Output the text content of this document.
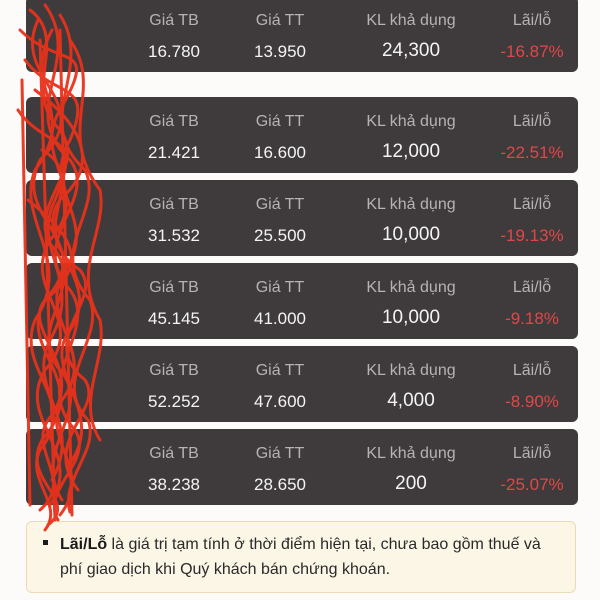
Giá TB
16.780
Giá TT
13.950
KL khả dụng
24,300
Lãi/lỗ
-16.87%
Giá TB
21.421
Giá TT
16.600
KL khả dụng
12,000
Lãi/lỗ
-22.51%
Giá TB
31.532
Giá TT
25.500
KL khả dụng
10,000
Lãi/lỗ
-19.13%
Giá TB
45.145
Giá TT
41.000
KL khả dụng
10,000
Lãi/lỗ
-9.18%
Giá TB
52.252
Giá TT
47.600
KL khả dụng
4,000
Lãi/lỗ
-8.90%
Giá TB
38.238
Giá TT
28.650
KL khả dụng
200
Lãi/lỗ
-25.07%
Lãi/Lỗ là giá trị tạm tính ở thời điểm hiện tại, chưa bao gồm thuế và phí giao dịch khi Quý khách bán chứng khoán.
